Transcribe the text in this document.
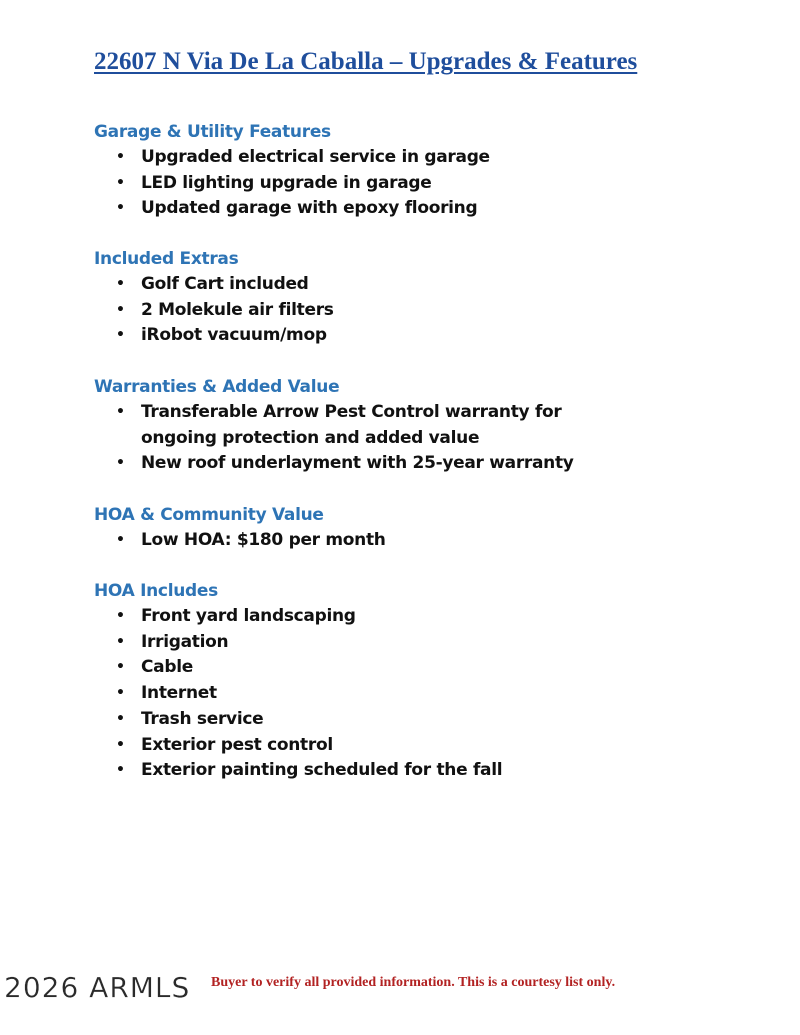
22607 N Via De La Caballa – Upgrades & Features
Garage & Utility Features
• Upgraded electrical service in garage
• LED lighting upgrade in garage
• Updated garage with epoxy flooring
Included Extras
• Golf Cart included
• 2 Molekule air filters
• iRobot vacuum/mop
Warranties & Added Value
• Transferable Arrow Pest Control warranty for ongoing protection and added value
• New roof underlayment with 25-year warranty
HOA & Community Value
• Low HOA: $180 per month
HOA Includes
• Front yard landscaping
• Irrigation
• Cable
• Internet
• Trash service
• Exterior pest control
• Exterior painting scheduled for the fall
2026 ARMLS Buyer to verify all provided information. This is a courtesy list only.
